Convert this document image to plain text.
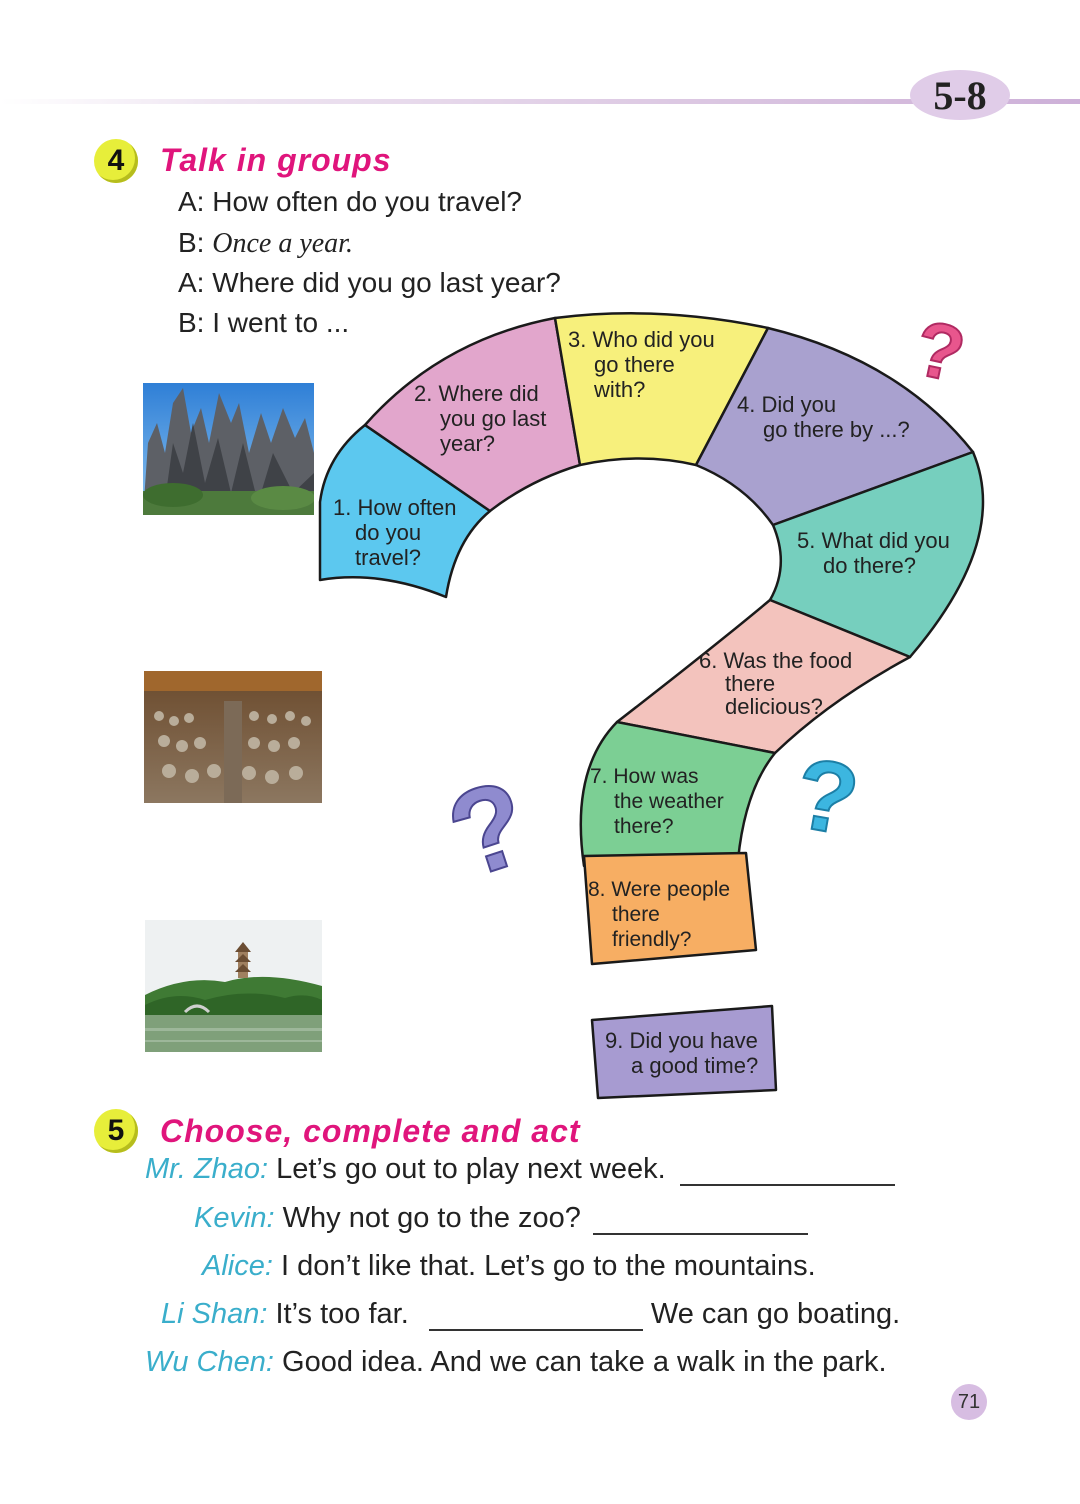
5-8
4	Talk in groups
A: How often do you travel?
B: Once a year.
A: Where did you go last year?
B: I went to ...
1. How often
do you
travel?
2. Where did
you go last
year?
3. Who did you
go there
with?
4. Did you
go there by ...?
5. What did you
do there?
6. Was the food
there
delicious?
7. How was
the weather
there?
8. Were people
there
friendly?
9. Did you have
a good time?
?
?
?
5	Choose, complete and act
Mr. Zhao: Let’s go out to play next week.
Kevin: Why not go to the zoo?
Alice: I don’t like that. Let’s go to the mountains.
Li Shan: It’s too far.	We can go boating.
Wu Chen: Good idea. And we can take a walk in the park.
71
